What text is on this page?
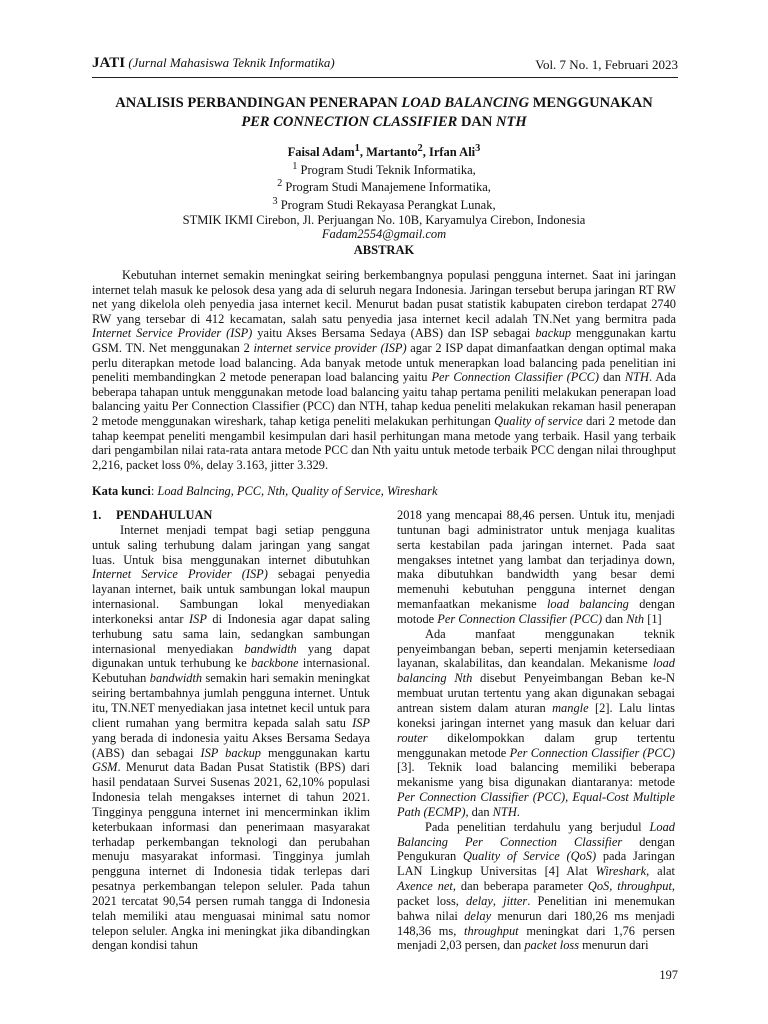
JATI (Jurnal Mahasiswa Teknik Informatika)	Vol. 7 No. 1, Februari 2023
ANALISIS PERBANDINGAN PENERAPAN LOAD BALANCING MENGGUNAKAN
PER CONNECTION CLASSIFIER DAN NTH
Faisal Adam$^1$, Martanto$^2$, Irfan Ali$^3$
$^1$ Program Studi Teknik Informatika,
$^2$ Program Studi Manajemene Informatika,
$^3$ Program Studi Rekayasa Perangkat Lunak,
STMIK IKMI Cirebon, Jl. Perjuangan No. 10B, Karyamulya Cirebon, Indonesia
Fadam2554@gmail.com
ABSTRAK

Kebutuhan internet semakin meningkat seiring berkembangnya populasi pengguna internet. Saat ini jaringan internet telah masuk ke pelosok desa yang ada di seluruh negara Indonesia. Jaringan tersebut berupa jaringan RT RW net yang dikelola oleh penyedia jasa internet kecil. Menurut badan pusat statistik kabupaten cirebon terdapat 2740 RW yang tersebar di 412 kecamatan, salah satu penyedia jasa internet kecil adalah TN.Net yang bermitra pada Internet Service Provider (ISP) yaitu Akses Bersama Sedaya (ABS) dan ISP sebagai backup menggunakan kartu GSM. TN. Net menggunakan 2 internet service provider (ISP) agar 2 ISP dapat dimanfaatkan dengan optimal maka perlu diterapkan metode load balancing. Ada banyak metode untuk menerapkan load balancing pada penelitian ini peneliti membandingkan 2 metode penerapan load balancing yaitu Per Connection Classifier (PCC) dan NTH. Ada beberapa tahapan untuk menggunakan metode load balancing yaitu tahap pertama peniliti melakukan penerapan load balancing yaitu Per Connection Classifier (PCC) dan NTH, tahap kedua peneliti melakukan rekaman hasil penerapan 2 metode menggunakan wireshark, tahap ketiga peneliti melakukan perhitungan Quality of service dari 2 metode dan tahap keempat peneliti mengambil kesimpulan dari hasil perhitungan mana metode yang terbaik. Hasil yang terbaik dari pengambilan nilai rata-rata antara metode PCC dan Nth yaitu untuk metode terbaik PCC dengan nilai throughput 2,216, packet loss 0%, delay 3.163, jitter 3.329.

Kata kunci: Load Balncing, PCC, Nth, Quality of Service, Wireshark
1. PENDAHULUAN

Internet menjadi tempat bagi setiap pengguna untuk saling terhubung dalam jaringan yang sangat luas. Untuk bisa menggunakan internet dibutuhkan Internet Service Provider (ISP) sebagai penyedia layanan internet, baik untuk sambungan lokal maupun internasional. Sambungan lokal menyediakan interkoneksi antar ISP di Indonesia agar dapat saling terhubung satu sama lain, sedangkan sambungan internasional menyediakan bandwidth yang dapat digunakan untuk terhubung ke backbone internasional. Kebutuhan bandwidth semakin hari semakin meningkat seiring bertambahnya jumlah pengguna internet. Untuk itu, TN.NET menyediakan jasa intetnet kecil untuk para client rumahan yang bermitra kepada salah satu ISP yang berada di indonesia yaitu Akses Bersama Sedaya (ABS) dan sebagai ISP backup menggunakan kartu GSM. Menurut data Badan Pusat Statistik (BPS) dari hasil pendataan Survei Susenas 2021, 62,10% populasi Indonesia telah mengakses internet di tahun 2021. Tingginya pengguna internet ini mencerminkan iklim keterbukaan informasi dan penerimaan masyarakat terhadap perkembangan teknologi dan perubahan menuju masyarakat informasi. Tingginya jumlah pengguna internet di Indonesia tidak terlepas dari pesatnya perkembangan telepon seluler. Pada tahun 2021 tercatat 90,54 persen rumah tangga di Indonesia telah memiliki atau menguasai minimal satu nomor telepon seluler. Angka ini meningkat jika dibandingkan dengan kondisi tahun

2018 yang mencapai 88,46 persen. Untuk itu, menjadi tuntunan bagi administrator untuk menjaga kualitas serta kestabilan pada jaringan internet. Pada saat mengakses intetnet yang lambat dan terjadinya down, maka dibutuhkan bandwidth yang besar demi memenuhi kebutuhan pengguna internet dengan memanfaatkan mekanisme load balancing dengan motode Per Connection Classifier (PCC) dan Nth [1]

Ada manfaat menggunakan teknik penyeimbangan beban, seperti menjamin ketersediaan layanan, skalabilitas, dan keandalan. Mekanisme load balancing Nth disebut Penyeimbangan Beban ke-N membuat urutan tertentu yang akan digunakan sebagai antrean sistem dalam aturan mangle [2]. Lalu lintas koneksi jaringan internet yang masuk dan keluar dari router dikelompokkan dalam grup tertentu menggunakan metode Per Connection Classifier (PCC) [3]. Teknik load balancing memiliki beberapa mekanisme yang bisa digunakan diantaranya: metode Per Connection Classifier (PCC), Equal-Cost Multiple Path (ECMP), dan NTH.

Pada penelitian terdahulu yang berjudul Load Balancing Per Connection Classifier dengan Pengukuran Quality of Service (QoS) pada Jaringan LAN Lingkup Universitas [4] Alat Wireshark, alat Axence net, dan beberapa parameter QoS, throughput, packet loss, delay, jitter. Penelitian ini menemukan bahwa nilai delay menurun dari 180,26 ms menjadi 148,36 ms, throughput meningkat dari 1,76 persen menjadi 2,03 persen, dan packet loss menurun dari

197
